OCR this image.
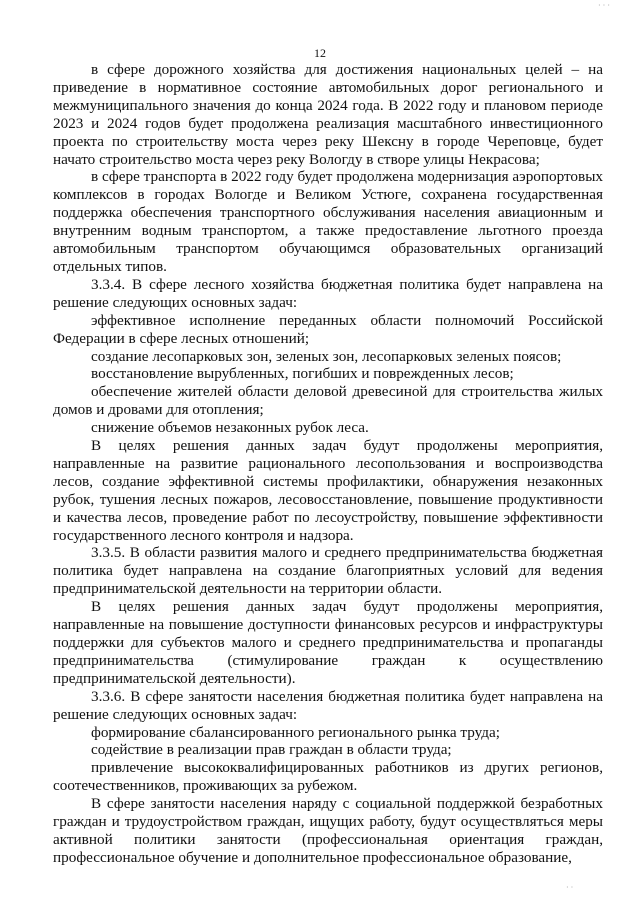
· · ·
12

в сфере дорожного хозяйства для достижения национальных целей – на приведение в нормативное состояние автомобильных дорог регионального и межмуниципального значения до конца 2024 года. В 2022 году и плановом периоде 2023 и 2024 годов будет продолжена реализация масштабного инвестиционного проекта по строительству моста через реку Шексну в городе Череповце, будет начато строительство моста через реку Вологду в створе улицы Некрасова;

в сфере транспорта в 2022 году будет продолжена модернизация аэропортовых комплексов в городах Вологде и Великом Устюге, сохранена государственная поддержка обеспечения транспортного обслуживания населения авиационным и внутренним водным транспортом, а также предоставление льготного проезда автомобильным транспортом обучающимся образовательных организаций отдельных типов.

3.3.4. В сфере лесного хозяйства бюджетная политика будет направлена на решение следующих основных задач:

эффективное исполнение переданных области полномочий Российской Федерации в сфере лесных отношений;

создание лесопарковых зон, зеленых зон, лесопарковых зеленых поясов;

восстановление вырубленных, погибших и поврежденных лесов;

обеспечение жителей области деловой древесиной для строительства жилых домов и дровами для отопления;

снижение объемов незаконных рубок леса.

В целях решения данных задач будут продолжены мероприятия, направленные на развитие рационального лесопользования и воспроизводства лесов, создание эффективной системы профилактики, обнаружения незаконных рубок, тушения лесных пожаров, лесовосстановление, повышение продуктивности и качества лесов, проведение работ по лесоустройству, повышение эффективности государственного лесного контроля и надзора.

3.3.5. В области развития малого и среднего предпринимательства бюджетная политика будет направлена на создание благоприятных условий для ведения предпринимательской деятельности на территории области.

В целях решения данных задач будут продолжены мероприятия, направленные на повышение доступности финансовых ресурсов и инфраструктуры поддержки для субъектов малого и среднего предпринимательства и пропаганды предпринимательства (стимулирование граждан к осуществлению предпринимательской деятельности).

3.3.6. В сфере занятости населения бюджетная политика будет направлена на решение следующих основных задач:

формирование сбалансированного регионального рынка труда;

содействие в реализации прав граждан в области труда;

привлечение высококвалифицированных работников из других регионов, соотечественников, проживающих за рубежом.

В сфере занятости населения наряду с социальной поддержкой безработных граждан и трудоустройством граждан, ищущих работу, будут осуществляться меры активной политики занятости (профессиональная ориентация граждан, профессиональное обучение и дополнительное профессиональное образование,

· ·
